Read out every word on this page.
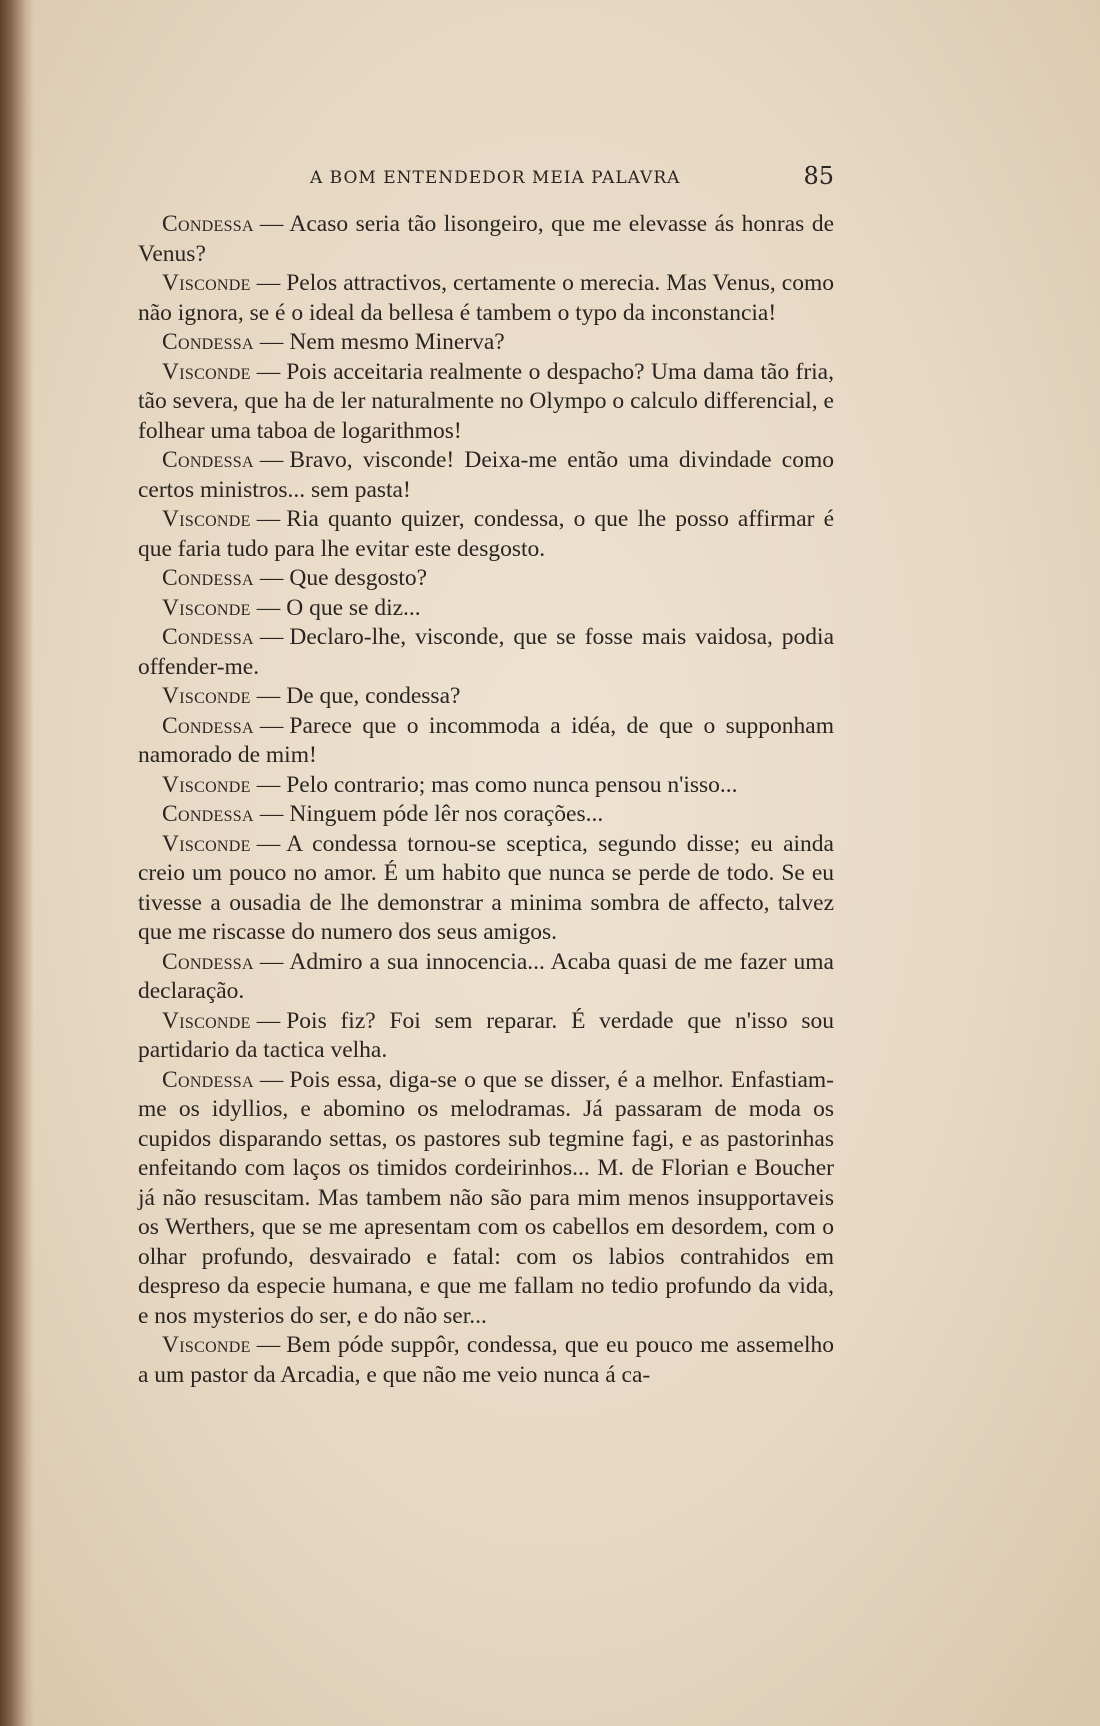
A BOM ENTENDEDOR MEIA PALAVRA	85

Condessa — Acaso seria tão lisongeiro, que me elevasse ás honras de Venus?

Visconde — Pelos attractivos, certamente o merecia. Mas Venus, como não ignora, se é o ideal da bellesa é tambem o typo da inconstancia!

Condessa — Nem mesmo Minerva?

Visconde — Pois acceitaria realmente o despacho? Uma dama tão fria, tão severa, que ha de ler naturalmente no Olympo o calculo differencial, e folhear uma taboa de logarithmos!

Condessa — Bravo, visconde! Deixa-me então uma divindade como certos ministros... sem pasta!

Visconde — Ria quanto quizer, condessa, o que lhe posso affirmar é que faria tudo para lhe evitar este desgosto.

Condessa — Que desgosto?

Visconde — O que se diz...

Condessa — Declaro-lhe, visconde, que se fosse mais vaidosa, podia offender-me.

Visconde — De que, condessa?

Condessa — Parece que o incommoda a idéa, de que o supponham namorado de mim!

Visconde — Pelo contrario; mas como nunca pensou n'isso...

Condessa — Ninguem póde lêr nos corações...

Visconde — A condessa tornou-se sceptica, segundo disse; eu ainda creio um pouco no amor. É um habito que nunca se perde de todo. Se eu tivesse a ousadia de lhe demonstrar a minima sombra de affecto, talvez que me riscasse do numero dos seus amigos.

Condessa — Admiro a sua innocencia... Acaba quasi de me fazer uma declaração.

Visconde — Pois fiz? Foi sem reparar. É verdade que n'isso sou partidario da tactica velha.

Condessa — Pois essa, diga-se o que se disser, é a melhor. Enfastiam-me os idyllios, e abomino os melodramas. Já passaram de moda os cupidos disparando settas, os pastores sub tegmine fagi, e as pastorinhas enfeitando com laços os timidos cordeirinhos... M. de Florian e Boucher já não resuscitam. Mas tambem não são para mim menos insupportaveis os Werthers, que se me apresentam com os cabellos em desordem, com o olhar profundo, desvairado e fatal: com os labios contrahidos em despreso da especie humana, e que me fallam no tedio profundo da vida, e nos mysterios do ser, e do não ser...

Visconde — Bem póde suppôr, condessa, que eu pouco me assemelho a um pastor da Arcadia, e que não me veio nunca á ca-
